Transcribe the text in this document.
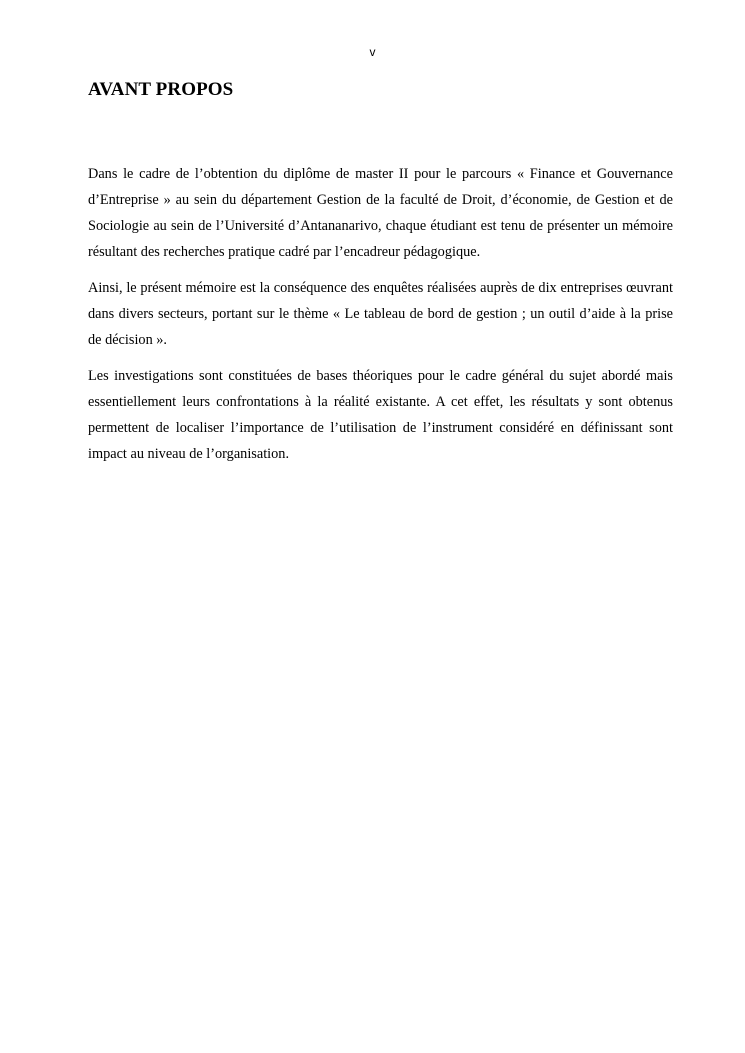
v
AVANT PROPOS

Dans le cadre de l’obtention du diplôme de master II pour le parcours « Finance et Gouvernance d’Entreprise » au sein du département Gestion de la faculté de Droit, d’économie, de Gestion et de Sociologie au sein de l’Université d’Antananarivo, chaque étudiant est tenu de présenter un mémoire résultant des recherches pratique cadré par l’encadreur pédagogique.

Ainsi, le présent mémoire est la conséquence des enquêtes réalisées auprès de dix entreprises œuvrant dans divers secteurs, portant sur le thème « Le tableau de bord de gestion ; un outil d’aide à la prise de décision ».

Les investigations sont constituées de bases théoriques pour le cadre général du sujet abordé mais essentiellement leurs confrontations à la réalité existante. A cet effet, les résultats y sont obtenus permettent de localiser l’importance de l’utilisation de l’instrument considéré en définissant sont impact au niveau de l’organisation.
